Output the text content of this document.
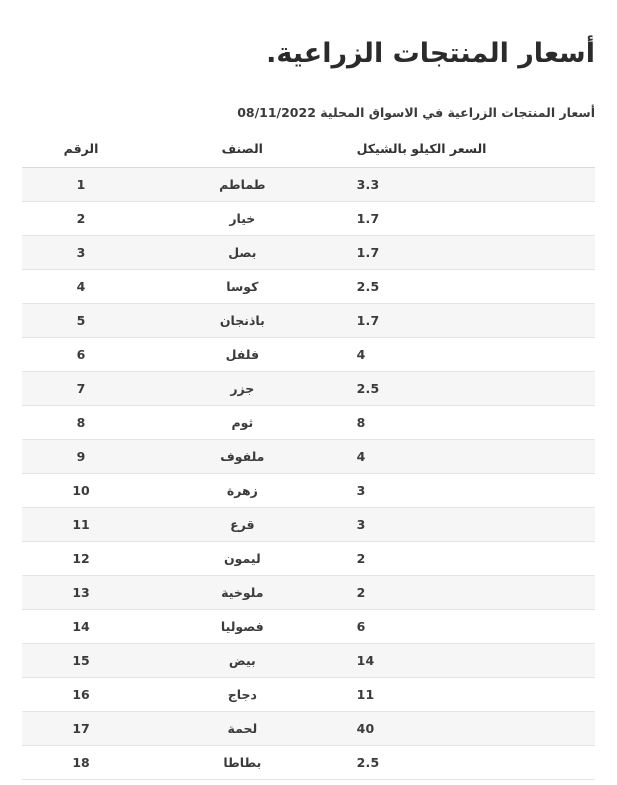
أسعار المنتجات الزراعية.
أسعار المنتجات الزراعية في الاسواق المحلية 08/11/2022
السعر الكيلو بالشيكل	الصنف	الرقم
3.3	طماطم	1
1.7	خيار	2
1.7	بصل	3
2.5	كوسا	4
1.7	باذنجان	5
4	فلفل	6
2.5	جزر	7
8	ثوم	8
4	ملفوف	9
3	زهرة	10
3	قرع	11
2	ليمون	12
2	ملوخية	13
6	فصوليا	14
14	بيض	15
11	دجاج	16
40	لحمة	17
2.5	بطاطا	18
